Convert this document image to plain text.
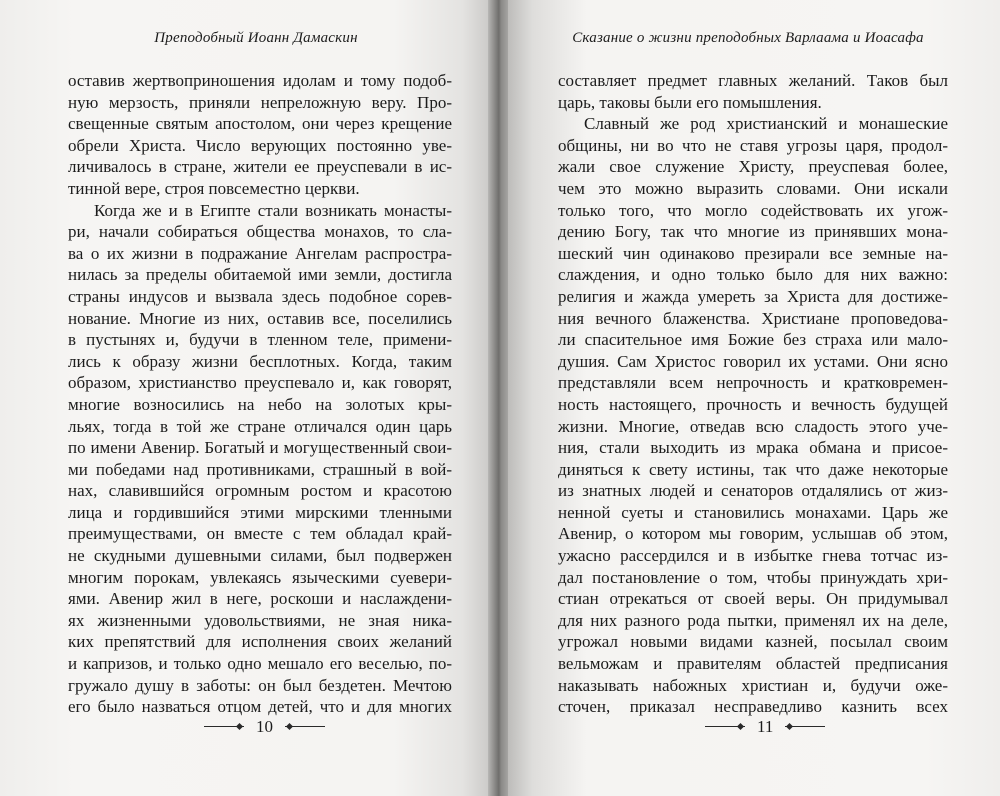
Преподобный Иоанн Дамаскин
оставив жертвоприношения идолам и тому подоб-
ную мерзость, приняли непреложную веру. Про-
свещенные святым апостолом, они через крещение
обрели Христа. Число верующих постоянно уве-
личивалось в стране, жители ее преуспевали в ис-
тинной вере, строя повсеместно церкви.
Когда же и в Египте стали возникать монасты-
ри, начали собираться общества монахов, то сла-
ва о их жизни в подражание Ангелам распростра-
нилась за пределы обитаемой ими земли, достигла
страны индусов и вызвала здесь подобное сорев-
нование. Многие из них, оставив все, поселились
в пустынях и, будучи в тленном теле, примени-
лись к образу жизни бесплотных. Когда, таким
образом, христианство преуспевало и, как говорят,
многие возносились на небо на золотых кры-
льях, тогда в той же стране отличался один царь
по имени Авенир. Богатый и могущественный свои-
ми победами над противниками, страшный в вой-
нах, славившийся огромным ростом и красотою
лица и гордившийся этими мирскими тленными
преимуществами, он вместе с тем обладал край-
не скудными душевными силами, был подвержен
многим порокам, увлекаясь языческими суевери-
ями. Авенир жил в неге, роскоши и наслаждени-
ях жизненными удовольствиями, не зная ника-
ких препятствий для исполнения своих желаний
и капризов, и только одно мешало его веселью, по-
гружало душу в заботы: он был бездетен. Мечтою
его было назваться отцом детей, что и для многих
10
Сказание о жизни преподобных Варлаама и Иоасафа
составляет предмет главных желаний. Таков был
царь, таковы были его помышления.
Славный же род христианский и монашеские
общины, ни во что не ставя угрозы царя, продол-
жали свое служение Христу, преуспевая более,
чем это можно выразить словами. Они искали
только того, что могло содействовать их угож-
дению Богу, так что многие из принявших мона-
шеский чин одинаково презирали все земные на-
слаждения, и одно только было для них важно:
религия и жажда умереть за Христа для достиже-
ния вечного блаженства. Христиане проповедова-
ли спасительное имя Божие без страха или мало-
душия. Сам Христос говорил их устами. Они ясно
представляли всем непрочность и кратковремен-
ность настоящего, прочность и вечность будущей
жизни. Многие, отведав всю сладость этого уче-
ния, стали выходить из мрака обмана и присое-
диняться к свету истины, так что даже некоторые
из знатных людей и сенаторов отдалялись от жиз-
ненной суеты и становились монахами. Царь же
Авенир, о котором мы говорим, услышав об этом,
ужасно рассердился и в избытке гнева тотчас из-
дал постановление о том, чтобы принуждать хри-
стиан отрекаться от своей веры. Он придумывал
для них разного рода пытки, применял их на деле,
угрожал новыми видами казней, посылал своим
вельможам и правителям областей предписания
наказывать набожных христиан и, будучи оже-
сточен, приказал несправедливо казнить всех
11
